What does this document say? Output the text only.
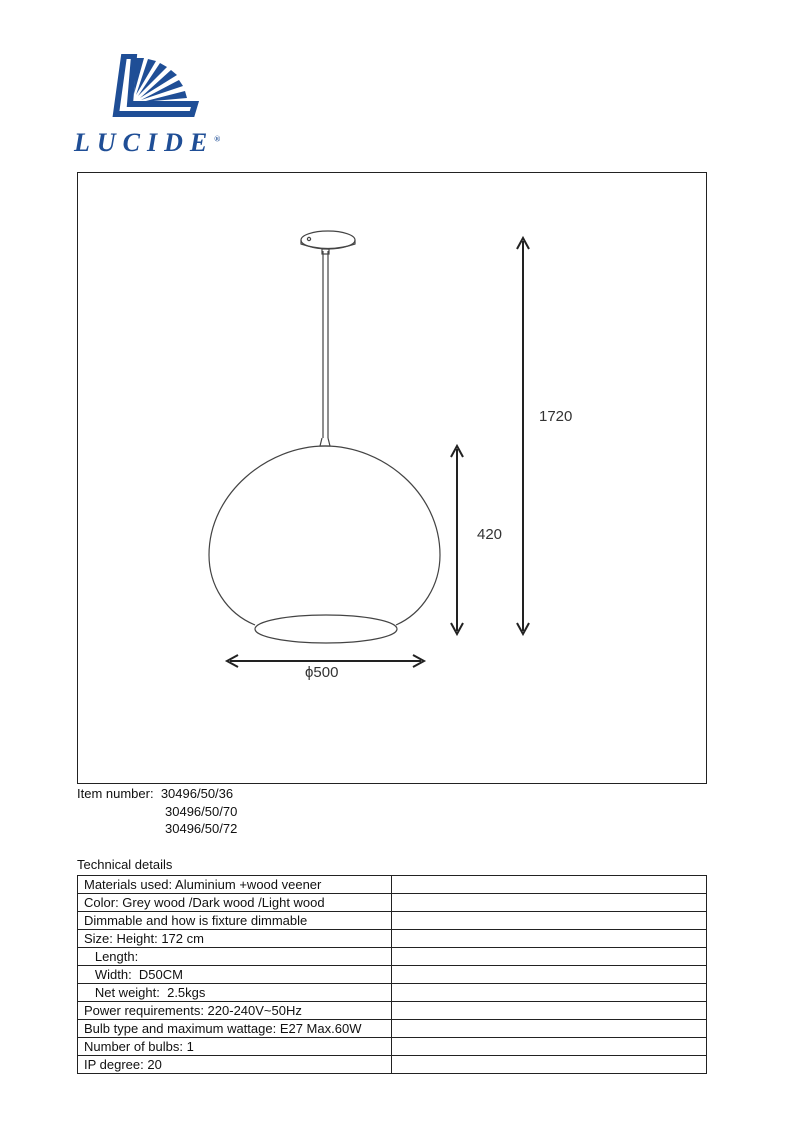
LUCIDE®
1720
420
ϕ500
Item number: 30496/50/36
30496/50/70
30496/50/72
Technical details
Materials used: Aluminium +wood veener	
Color: Grey wood /Dark wood /Light wood	
Dimmable and how is fixture dimmable	
Size: Height: 172 cm	
Length:	
Width:  D50CM	
Net weight:  2.5kgs	
Power requirements: 220-240V~50Hz	
Bulb type and maximum wattage: E27 Max.60W	
Number of bulbs: 1	
IP degree: 20	
